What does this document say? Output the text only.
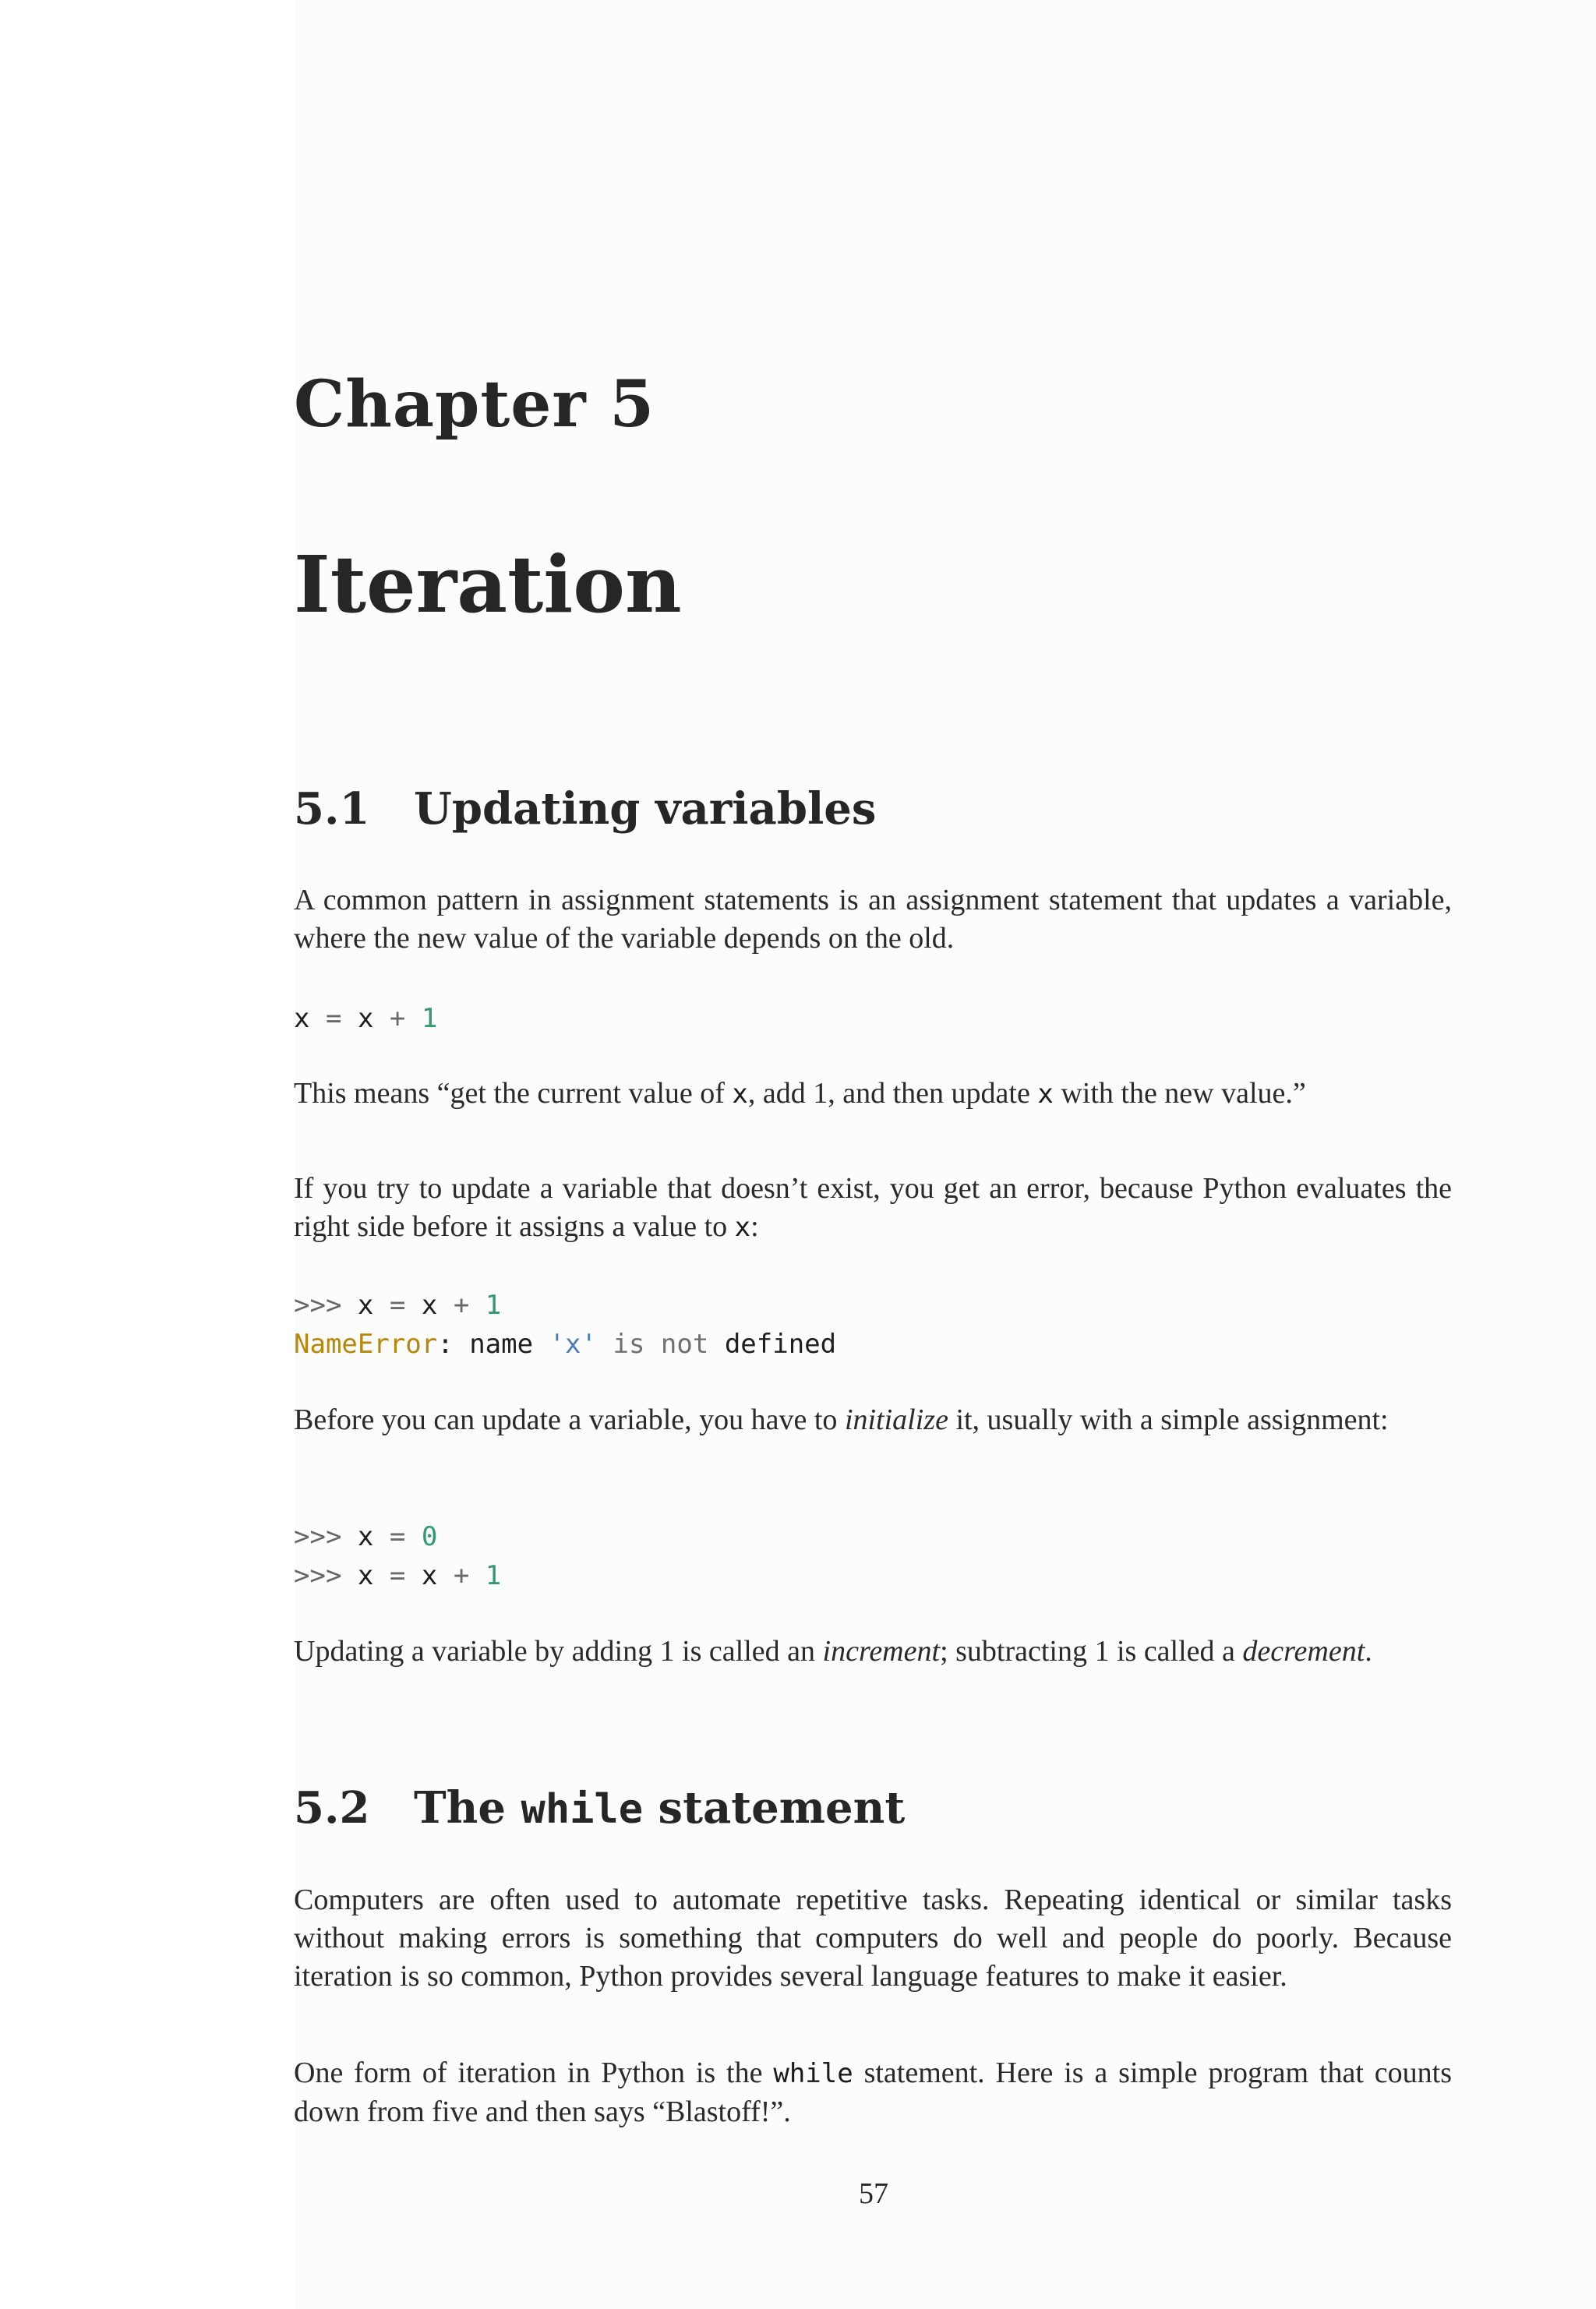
Chapter 5
Iteration
5.1 Updating variables

A common pattern in assignment statements is an assignment statement that updates a variable, where the new value of the variable depends on the old.

x = x + 1

This means “get the current value of x, add 1, and then update x with the new value.”

If you try to update a variable that doesn’t exist, you get an error, because Python evaluates the right side before it assigns a value to x:

>>> x = x + 1
NameError: name 'x' is not defined

Before you can update a variable, you have to initialize it, usually with a simple assignment:

>>> x = 0
>>> x = x + 1

Updating a variable by adding 1 is called an increment; subtracting 1 is called a decrement.

5.2 The while statement

Computers are often used to automate repetitive tasks. Repeating identical or similar tasks without making errors is something that computers do well and people do poorly. Because iteration is so common, Python provides several language features to make it easier.

One form of iteration in Python is the while statement. Here is a simple program that counts down from five and then says “Blastoff!”.

57
